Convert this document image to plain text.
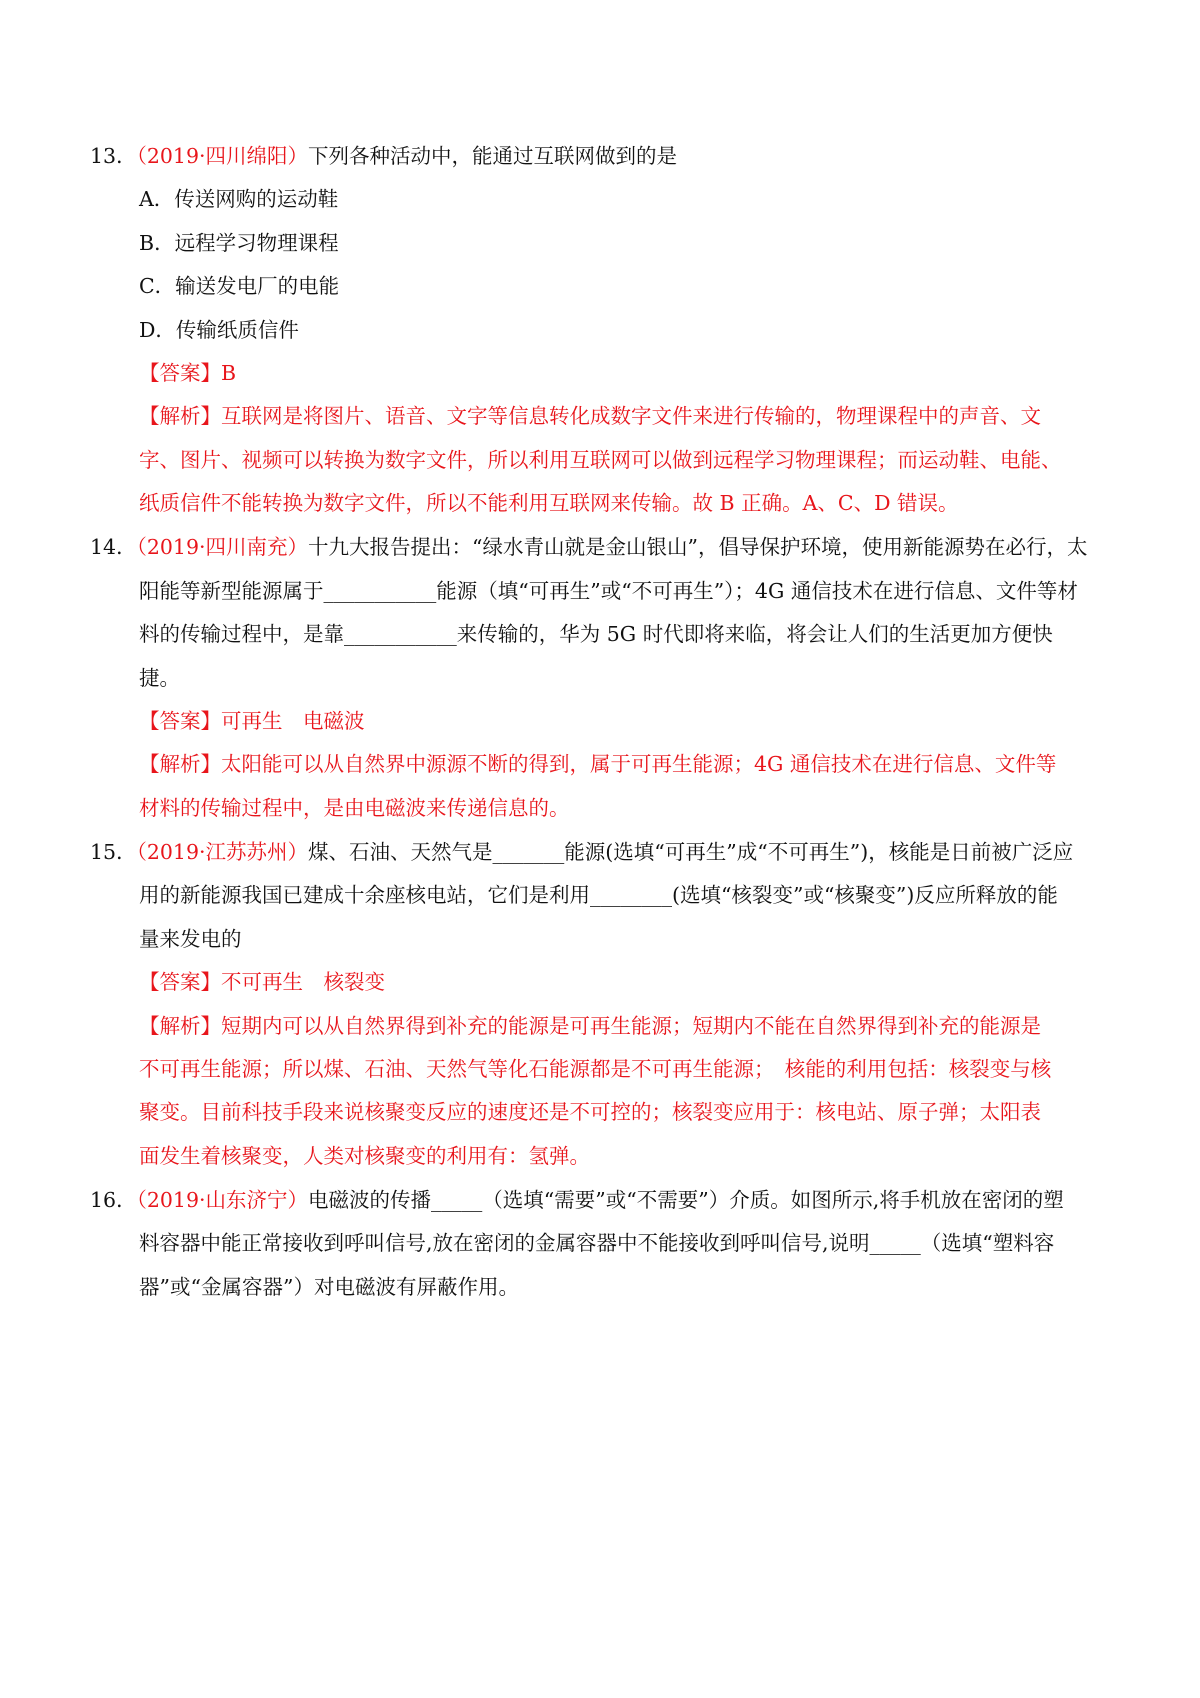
13．（2019·四川绵阳）下列各种活动中，能通过互联网做到的是
A．传送网购的运动鞋
B．远程学习物理课程
C．输送发电厂的电能
D．传输纸质信件
【答案】B
【解析】互联网是将图片、语音、文字等信息转化成数字文件来进行传输的，物理课程中的声音、文
字、图片、视频可以转换为数字文件，所以利用互联网可以做到远程学习物理课程；而运动鞋、电能、
纸质信件不能转换为数字文件，所以不能利用互联网来传输。故 B 正确。A、C、D 错误。
14．（2019·四川南充）十九大报告提出：“绿水青山就是金山银山”，倡导保护环境，使用新能源势在必行，太
阳能等新型能源属于___________能源（填“可再生”或“不可再生”）；4G 通信技术在进行信息、文件等材
料的传输过程中，是靠___________来传输的，华为 5G 时代即将来临，将会让人们的生活更加方便快
捷。
【答案】可再生　电磁波
【解析】太阳能可以从自然界中源源不断的得到，属于可再生能源；4G 通信技术在进行信息、文件等
材料的传输过程中，是由电磁波来传递信息的。
15．（2019·江苏苏州）煤、石油、天然气是_______能源(选填“可再生”成“不可再生”)，核能是日前被广泛应
用的新能源我国已建成十余座核电站，它们是利用________(选填“核裂变”或“核聚变”)反应所释放的能
量来发电的
【答案】不可再生　核裂变
【解析】短期内可以从自然界得到补充的能源是可再生能源；短期内不能在自然界得到补充的能源是
不可再生能源；所以煤、石油、天然气等化石能源都是不可再生能源；　核能的利用包括：核裂变与核
聚变。目前科技手段来说核聚变反应的速度还是不可控的；核裂变应用于：核电站、原子弹；太阳表
面发生着核聚变，人类对核聚变的利用有：氢弹。
16．（2019·山东济宁）电磁波的传播_____（选填“需要”或“不需要”）介质。如图所示,将手机放在密闭的塑
料容器中能正常接收到呼叫信号,放在密闭的金属容器中不能接收到呼叫信号,说明_____（选填“塑料容
器”或“金属容器”）对电磁波有屏蔽作用。
